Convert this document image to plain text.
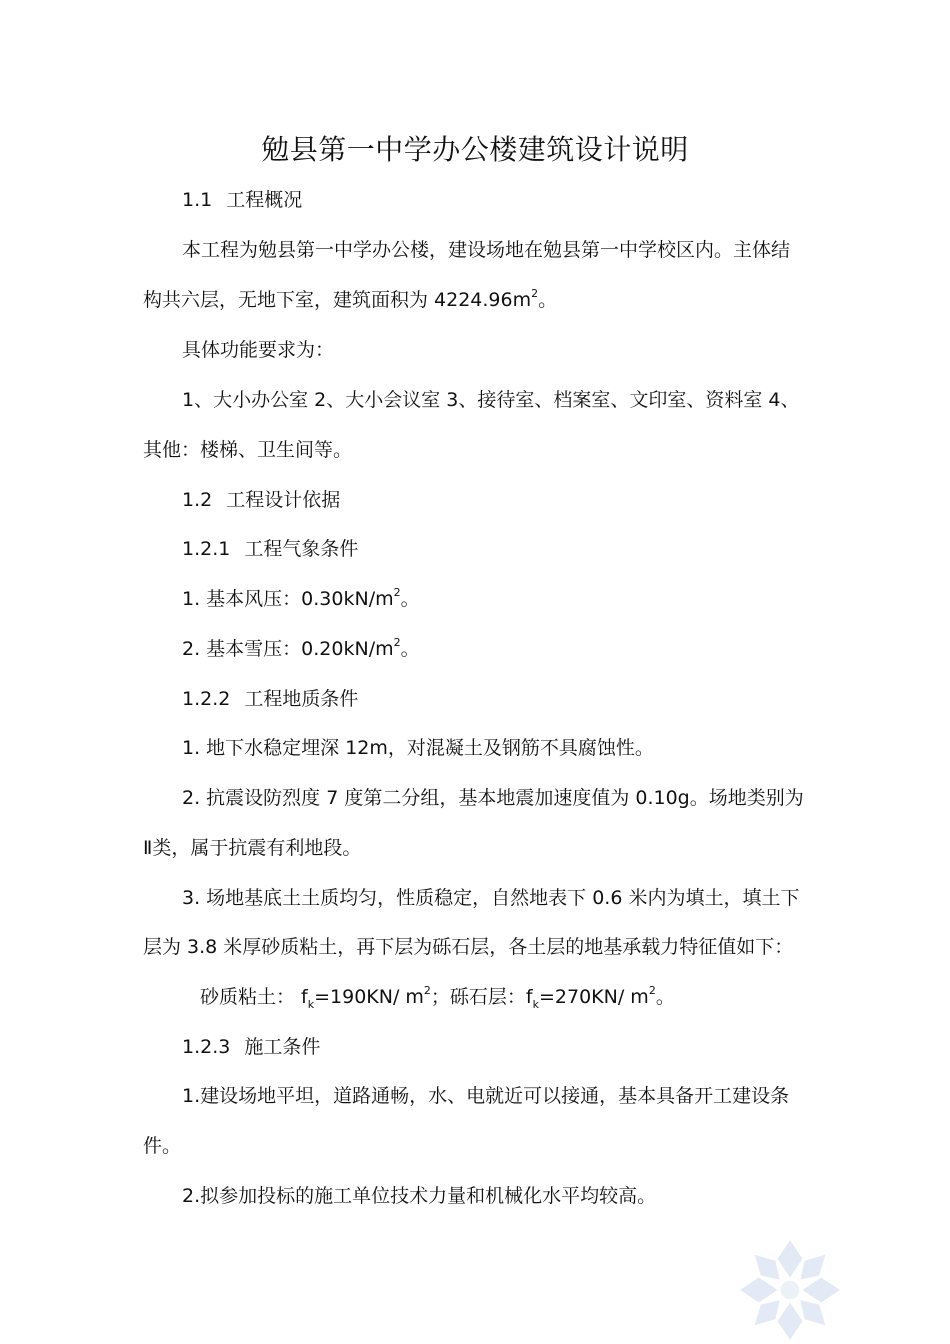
勉县第一中学办公楼建筑设计说明

1.1 工程概况

本工程为勉县第一中学办公楼，建设场地在勉县第一中学校区内。主体结

构共六层，无地下室，建筑面积为 $4224.96m^2$。

具体功能要求为：

1、大小办公室 2、大小会议室 3、接待室、档案室、文印室、资料室 4、

其他：楼梯、卫生间等。

1.2 工程设计依据

1.2.1 工程气象条件

1. 基本风压：$0.30kN/m^2$。

2. 基本雪压：$0.20kN/m^2$。

1.2.2 工程地质条件

1. 地下水稳定埋深 12m，对混凝土及钢筋不具腐蚀性。

2. 抗震设防烈度 7 度第二分组，基本地震加速度值为 0.10g。场地类别为

Ⅱ类，属于抗震有利地段。

3. 场地基底土土质均匀，性质稳定，自然地表下 0.6 米内为填土，填土下

层为 3.8 米厚砂质粘土，再下层为砾石层，各土层的地基承载力特征值如下：

砂质粘土： $f_k=190KN/$ $m^2$；砾石层：$f_k=270KN/$ $m^2$。

1.2.3 施工条件

1.建设场地平坦，道路通畅，水、电就近可以接通，基本具备开工建设条

件。

2.拟参加投标的施工单位技术力量和机械化水平均较高。
